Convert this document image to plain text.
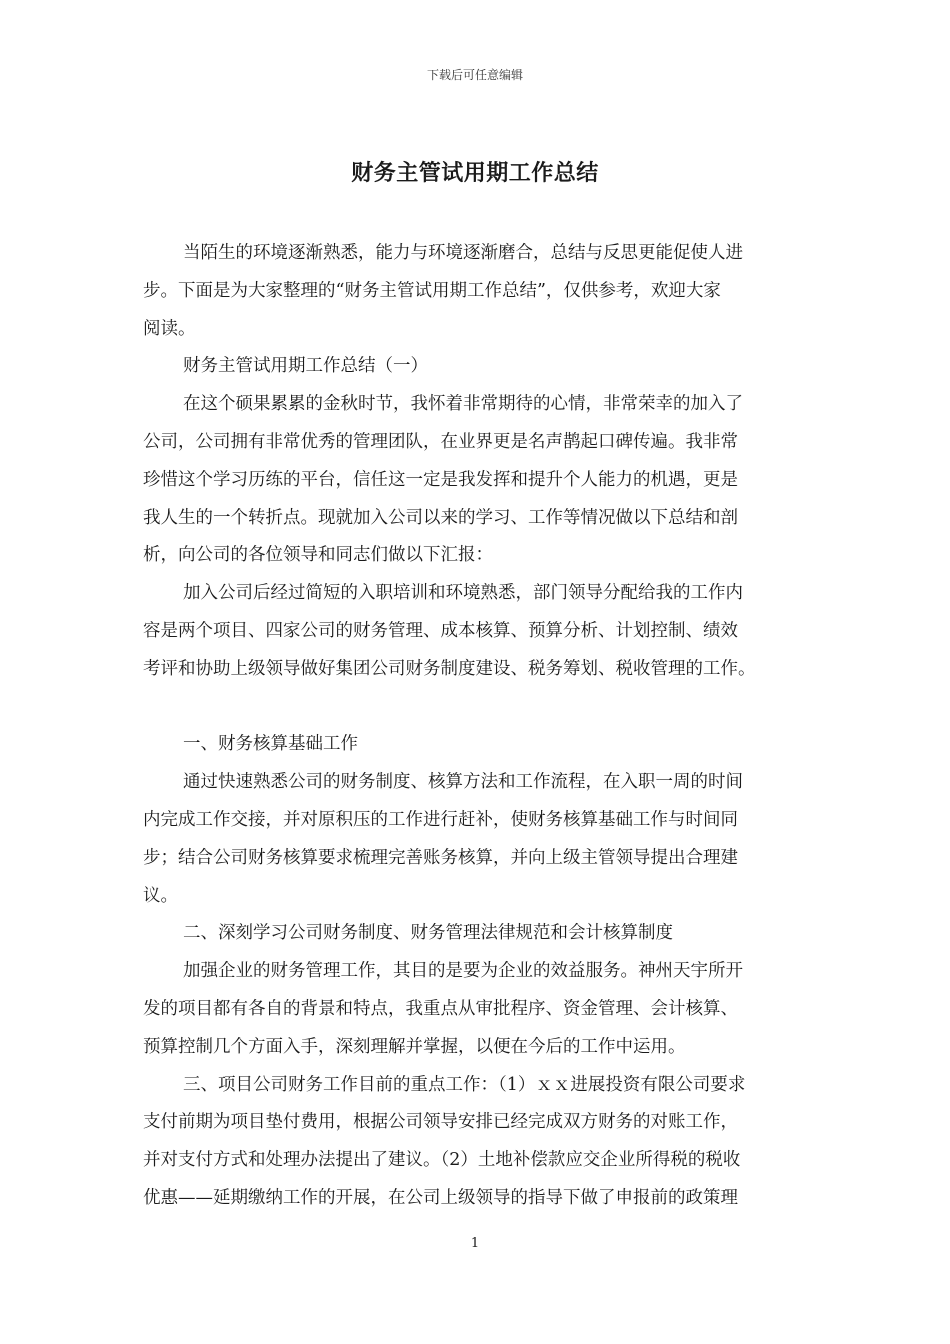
下载后可任意编辑
财务主管试用期工作总结
当陌生的环境逐渐熟悉，能力与环境逐渐磨合，总结与反思更能促使人进
步。下面是为大家整理的“财务主管试用期工作总结”，仅供参考，欢迎大家
阅读。
财务主管试用期工作总结（一）
在这个硕果累累的金秋时节，我怀着非常期待的心情，非常荣幸的加入了
公司，公司拥有非常优秀的管理团队，在业界更是名声鹊起口碑传遍。我非常
珍惜这个学习历练的平台，信任这一定是我发挥和提升个人能力的机遇，更是
我人生的一个转折点。现就加入公司以来的学习、工作等情况做以下总结和剖
析，向公司的各位领导和同志们做以下汇报：
加入公司后经过简短的入职培训和环境熟悉，部门领导分配给我的工作内
容是两个项目、四家公司的财务管理、成本核算、预算分析、计划控制、绩效
考评和协助上级领导做好集团公司财务制度建设、税务筹划、税收管理的工作。
一、财务核算基础工作
通过快速熟悉公司的财务制度、核算方法和工作流程，在入职一周的时间
内完成工作交接，并对原积压的工作进行赶补，使财务核算基础工作与时间同
步；结合公司财务核算要求梳理完善账务核算，并向上级主管领导提出合理建
议。
二、深刻学习公司财务制度、财务管理法律规范和会计核算制度
加强企业的财务管理工作，其目的是要为企业的效益服务。神州天宇所开
发的项目都有各自的背景和特点，我重点从审批程序、资金管理、会计核算、
预算控制几个方面入手，深刻理解并掌握，以便在今后的工作中运用。
三、项目公司财务工作目前的重点工作：（1）ｘｘ进展投资有限公司要求
支付前期为项目垫付费用，根据公司领导安排已经完成双方财务的对账工作，
并对支付方式和处理办法提出了建议。（2）土地补偿款应交企业所得税的税收
优惠——延期缴纳工作的开展，在公司上级领导的指导下做了申报前的政策理
1
